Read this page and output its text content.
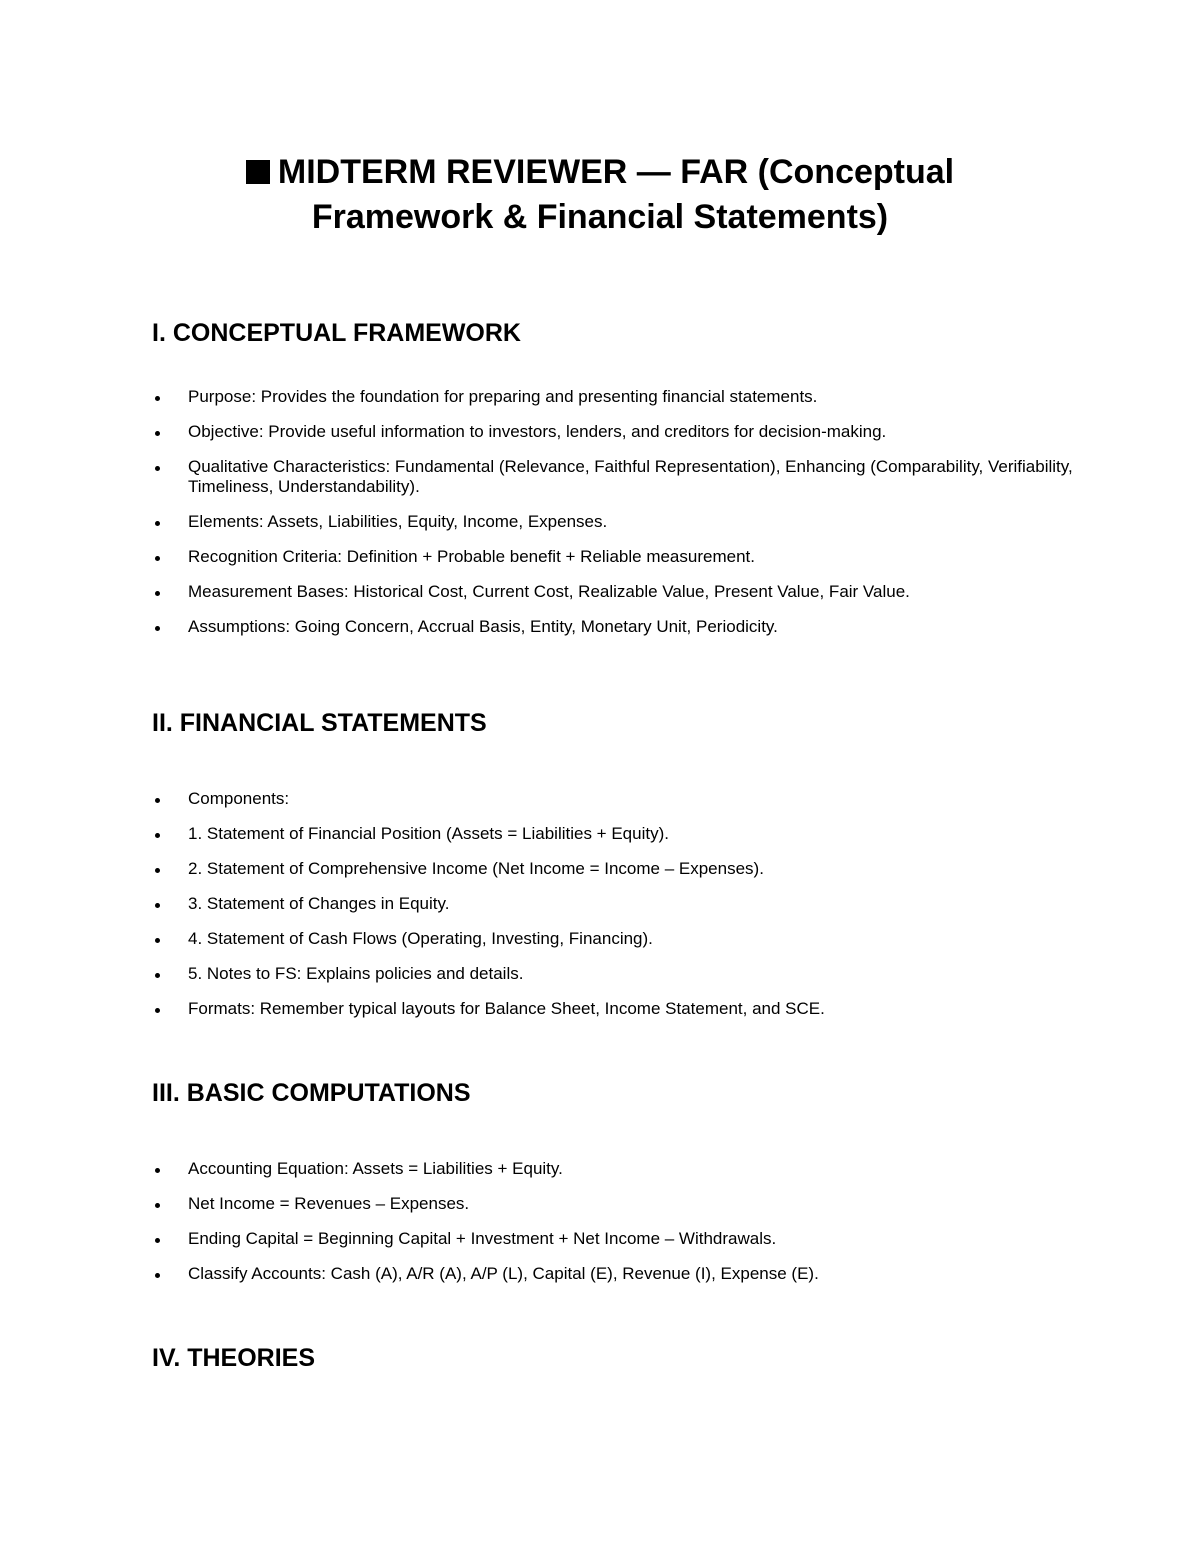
MIDTERM REVIEWER — FAR (Conceptual
Framework & Financial Statements)
I. CONCEPTUAL FRAMEWORK
Purpose: Provides the foundation for preparing and presenting financial statements.
Objective: Provide useful information to investors, lenders, and creditors for decision-making.
Qualitative Characteristics: Fundamental (Relevance, Faithful Representation), Enhancing (Comparability, Verifiability, Timeliness, Understandability).
Elements: Assets, Liabilities, Equity, Income, Expenses.
Recognition Criteria: Definition + Probable benefit + Reliable measurement.
Measurement Bases: Historical Cost, Current Cost, Realizable Value, Present Value, Fair Value.
Assumptions: Going Concern, Accrual Basis, Entity, Monetary Unit, Periodicity.
II. FINANCIAL STATEMENTS
Components:
1. Statement of Financial Position (Assets = Liabilities + Equity).
2. Statement of Comprehensive Income (Net Income = Income – Expenses).
3. Statement of Changes in Equity.
4. Statement of Cash Flows (Operating, Investing, Financing).
5. Notes to FS: Explains policies and details.
Formats: Remember typical layouts for Balance Sheet, Income Statement, and SCE.
III. BASIC COMPUTATIONS
Accounting Equation: Assets = Liabilities + Equity.
Net Income = Revenues – Expenses.
Ending Capital = Beginning Capital + Investment + Net Income – Withdrawals.
Classify Accounts: Cash (A), A/R (A), A/P (L), Capital (E), Revenue (I), Expense (E).
IV. THEORIES
